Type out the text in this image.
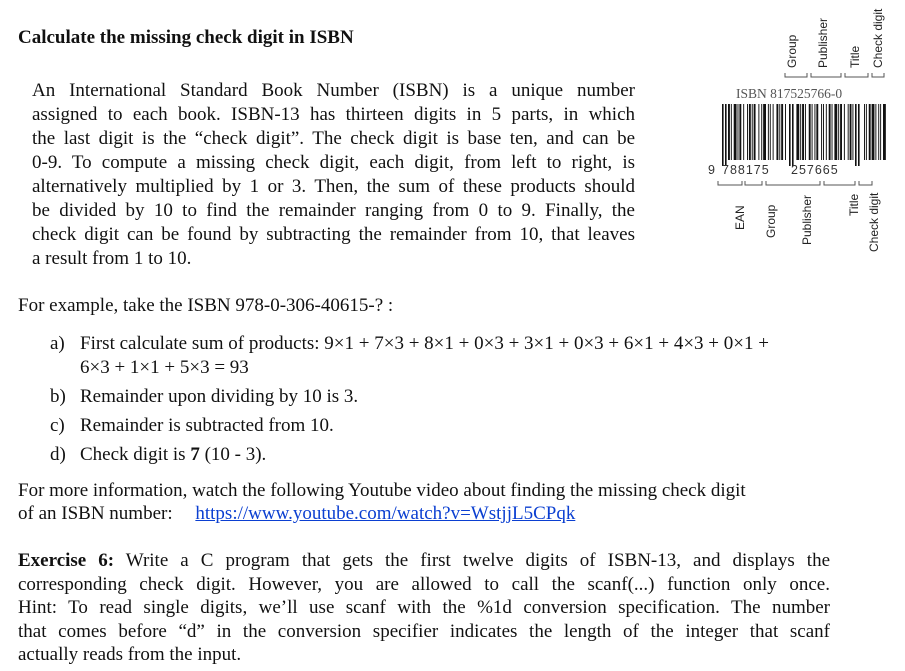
Calculate the missing check digit in ISBN
An International Standard Book Number (ISBN) is a unique number
assigned to each book. ISBN-13 has thirteen digits in 5 parts, in which
the last digit is the “check digit”. The check digit is base ten, and can be
0-9. To compute a missing check digit, each digit, from left to right, is
alternatively multiplied by 1 or 3. Then, the sum of these products should
be divided by 10 to find the remainder ranging from 0 to 9. Finally, the
check digit can be found by subtracting the remainder from 10, that leaves
a result from 1 to 10.
Group Publisher Title Check digit
ISBN 817525766-0
9 788175 257665
EAN Group Publisher	Title Check digit
For example, take the ISBN 978-0-306-40615-? :
a) First calculate sum of products: 9×1 + 7×3 + 8×1 + 0×3 + 3×1 + 0×3 + 6×1 + 4×3 + 0×1 +
6×3 + 1×1 + 5×3 = 93
b) Remainder upon dividing by 10 is 3.
c) Remainder is subtracted from 10.
d) Check digit is 7 (10 - 3).
For more information, watch the following Youtube video about finding the missing check digit
of an ISBN number: https://www.youtube.com/watch?v=WstjjL5CPqk
Exercise 6: Write a C program that gets the first twelve digits of ISBN-13, and displays the
corresponding check digit. However, you are allowed to call the scanf(...) function only once.
Hint: To read single digits, we’ll use scanf with the %1d conversion specification. The number
that comes before “d” in the conversion specifier indicates the length of the integer that scanf
actually reads from the input.
